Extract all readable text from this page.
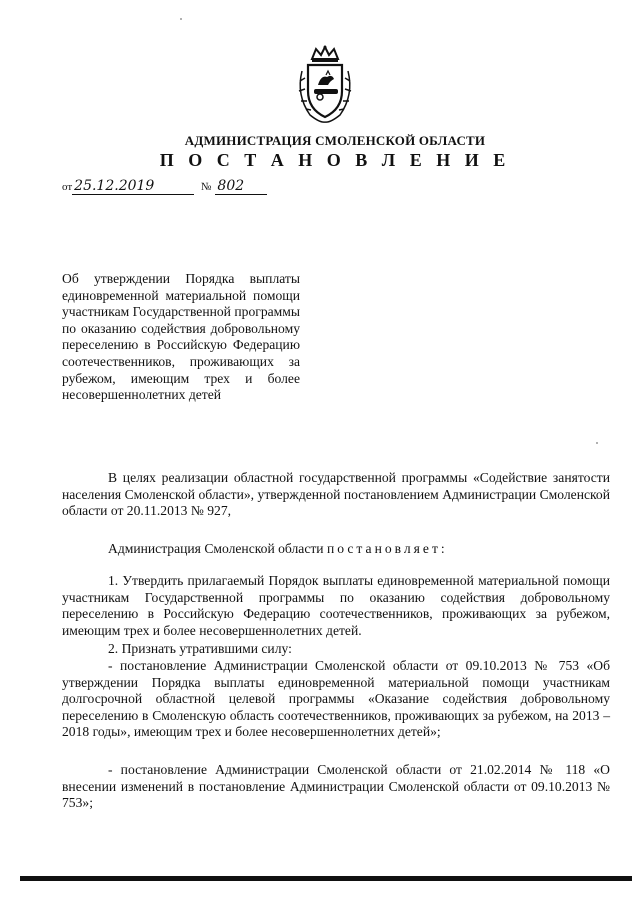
АДМИНИСТРАЦИЯ СМОЛЕНСКОЙ ОБЛАСТИ
П О С Т А Н О В Л Е Н И Е
от 25.12.2019	№ 802
Об утверждении Порядка выплаты единовременной материальной помощи участникам Государственной программы по оказанию содействия добровольному переселению в Российскую Федерацию соотечественников, проживающих за рубежом, имеющим трех и более несовершеннолетних детей
В целях реализации областной государственной программы «Содействие занятости населения Смоленской области», утвержденной постановлением Администрации Смоленской области от 20.11.2013 № 927,
Администрация Смоленской области постановляет:
1. Утвердить прилагаемый Порядок выплаты единовременной материальной помощи участникам Государственной программы по оказанию содействия добровольному переселению в Российскую Федерацию соотечественников, проживающих за рубежом, имеющим трех и более несовершеннолетних детей.
2. Признать утратившими силу:
- постановление Администрации Смоленской области от 09.10.2013 № 753 «Об утверждении Порядка выплаты единовременной материальной помощи участникам долгосрочной областной целевой программы «Оказание содействия добровольному переселению в Смоленскую область соотечественников, проживающих за рубежом, на 2013 – 2018 годы», имеющим трех и более несовершеннолетних детей»;
- постановление Администрации Смоленской области от 21.02.2014 № 118 «О внесении изменений в постановление Администрации Смоленской области от 09.10.2013 № 753»;
